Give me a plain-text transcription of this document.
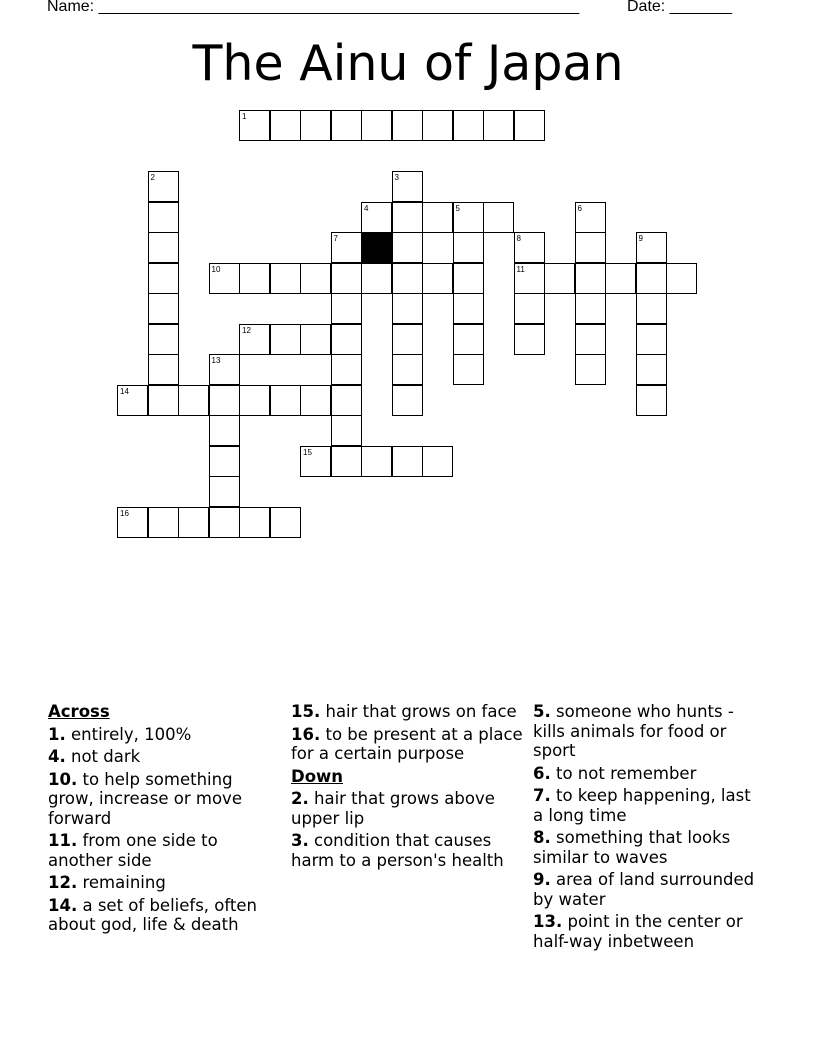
Name: ______________________________________________________	Date: _______
The Ainu of Japan
1
2	3
4	5	6
7	8
11
9
10
12
13
14
15
16
Across
1. entirely, 100%
4. not dark
10. to help something grow, increase or move forward
11. from one side to another side
12. remaining
14. a set of beliefs, often about god, life & death
15. hair that grows on face
16. to be present at a place for a certain purpose
Down
2. hair that grows above upper lip
3. condition that causes harm to a person's health
5. someone who hunts - kills animals for food or sport
6. to not remember
7. to keep happening, last a long time
8. something that looks similar to waves
9. area of land surrounded by water
13. point in the center or half-way inbetween
